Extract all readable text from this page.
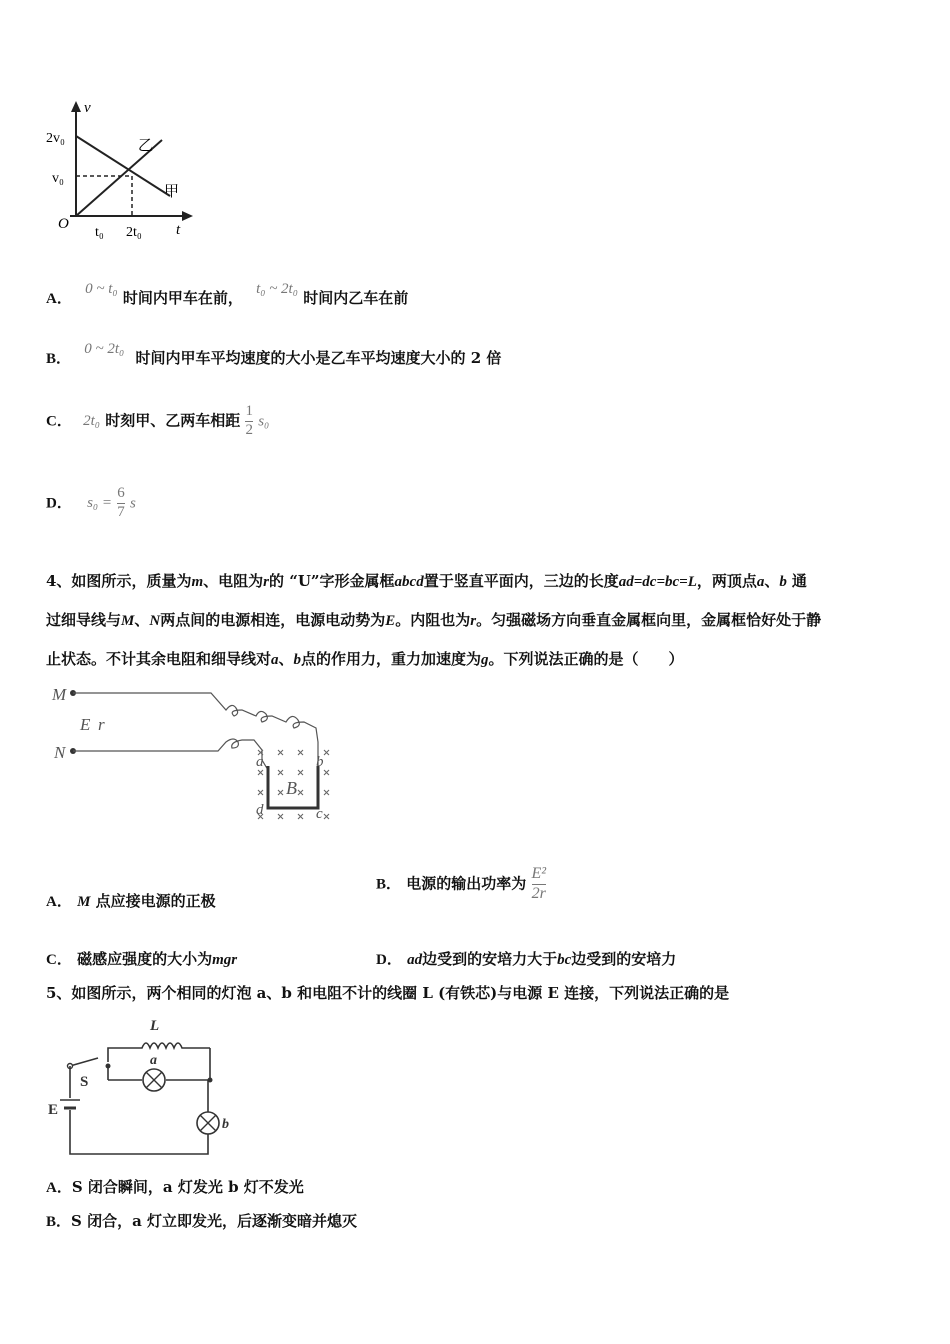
v
t
O
2v₀
v₀
t₀ 2t₀
乙
甲
A． 0 ~ t₀ 时间内甲车在前， t₀ ~ 2t₀ 时间内乙车在前
B． 0 ~ 2t₀ 时间内甲车平均速度的大小是乙车平均速度大小的 2 倍
C． 2t₀ 时刻甲、乙两车相距 $\frac{1}{2} s_0$
D． $s_0 = \frac{6}{7}$ s
4、如图所示，质量为m、电阻为r的 “U”字形金属框abcd置于竖直平面内，三边的长度ad=dc=bc=L，两顶点a、b 通
过细导线与M、N两点间的电源相连，电源电动势为E。内阻也为r。匀强磁场方向垂直金属框向里，金属框恰好处于静
止状态。不计其余电阻和细导线对a、b点的作用力，重力加速度为g。下列说法正确的是（　　）
M
N
E r
a	b
c
d
B
A． M 点应接电源的正极
B． 电源的输出功率为 $\frac{\text{E²}}{2r}$
C． 磁感应强度的大小为mgr	D． ad边受到的安培力大于bc边受到的安培力
5、如图所示，两个相同的灯泡 a、b 和电阻不计的线圈 L (有铁芯)与电源 E 连接，下列说法正确的是
L
a
S
E
b
A．S 闭合瞬间，a 灯发光 b 灯不发光
B．S 闭合，a 灯立即发光，后逐渐变暗并熄灭
